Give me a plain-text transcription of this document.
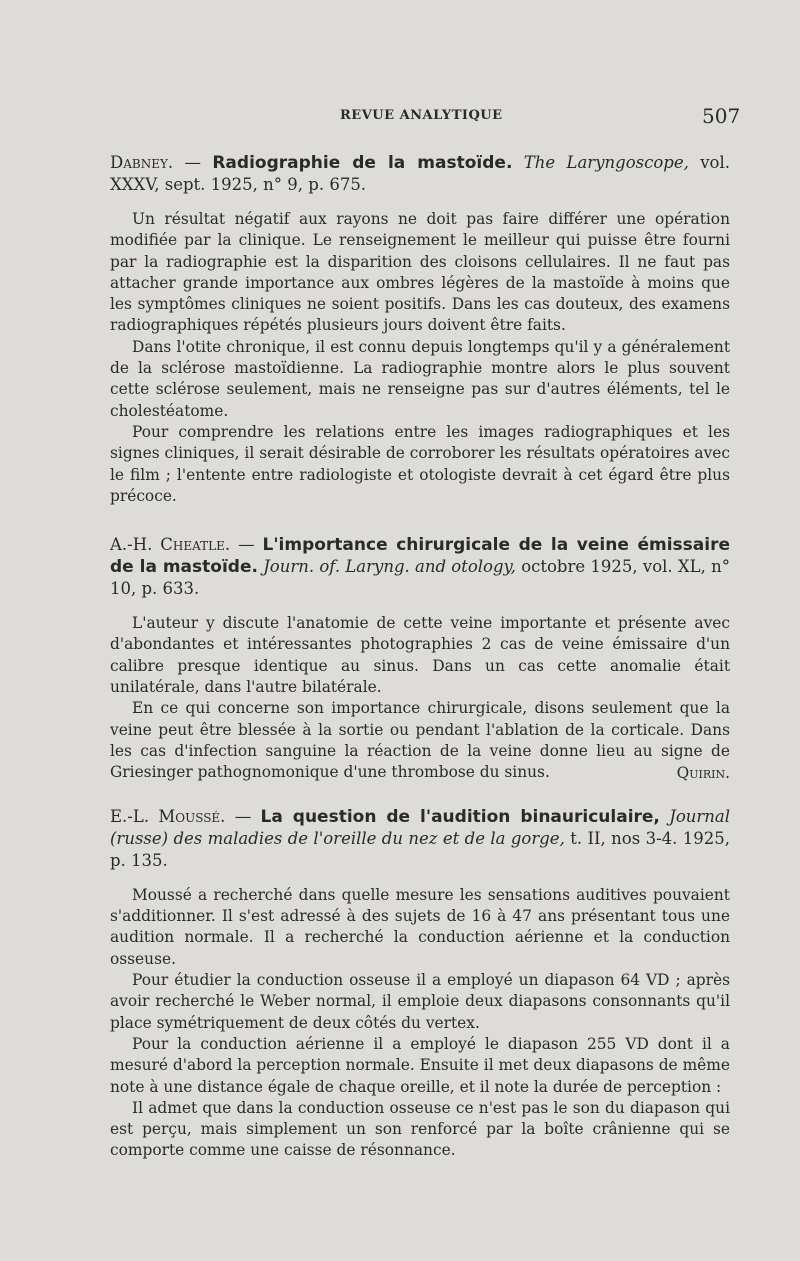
REVUE ANALYTIQUE	507

Dabney. — Radiographie de la mastoïde. The Laryngoscope, vol. XXXV, sept. 1925, n° 9, p. 675.

Un résultat négatif aux rayons ne doit pas faire différer une opération modifiée par la clinique. Le renseignement le meilleur qui puisse être fourni par la radiographie est la disparition des cloisons cellulaires. Il ne faut pas attacher grande importance aux ombres légères de la mastoïde à moins que les symptômes cliniques ne soient positifs. Dans les cas douteux, des examens radiographiques répétés plusieurs jours doivent être faits.

Dans l'otite chronique, il est connu depuis longtemps qu'il y a généralement de la sclérose mastoïdienne. La radiographie montre alors le plus souvent cette sclérose seulement, mais ne renseigne pas sur d'autres éléments, tel le cholestéatome.

Pour comprendre les relations entre les images radiographiques et les signes cliniques, il serait désirable de corroborer les résultats opératoires avec le film ; l'entente entre radiologiste et otologiste devrait à cet égard être plus précoce.

A.-H. Cheatle. — L'importance chirurgicale de la veine émissaire de la mastoïde. Journ. of. Laryng. and otology, octobre 1925, vol. XL, n° 10, p. 633.

L'auteur y discute l'anatomie de cette veine importante et présente avec d'abondantes et intéressantes photographies 2 cas de veine émissaire d'un calibre presque identique au sinus. Dans un cas cette anomalie était unilatérale, dans l'autre bilatérale.

En ce qui concerne son importance chirurgicale, disons seulement que la veine peut être blessée à la sortie ou pendant l'ablation de la corticale. Dans les cas d'infection sanguine la réaction de la veine donne lieu au signe de Griesinger pathognomonique d'une thrombose du sinus.	Quirin.

E.-L. Moussé. — La question de l'audition binauriculaire, Journal (russe) des maladies de l'oreille du nez et de la gorge, t. II, nos 3-4. 1925, p. 135.

Moussé a recherché dans quelle mesure les sensations auditives pouvaient s'additionner. Il s'est adressé à des sujets de 16 à 47 ans présentant tous une audition normale. Il a recherché la conduction aérienne et la conduction osseuse.

Pour étudier la conduction osseuse il a employé un diapason 64 VD ; après avoir recherché le Weber normal, il emploie deux diapasons consonnants qu'il place symétriquement de deux côtés du vertex.

Pour la conduction aérienne il a employé le diapason 255 VD dont il a mesuré d'abord la perception normale. Ensuite il met deux diapasons de même note à une distance égale de chaque oreille, et il note la durée de perception :

Il admet que dans la conduction osseuse ce n'est pas le son du diapason qui est perçu, mais simplement un son renforcé par la boîte crânienne qui se comporte comme une caisse de résonnance.
